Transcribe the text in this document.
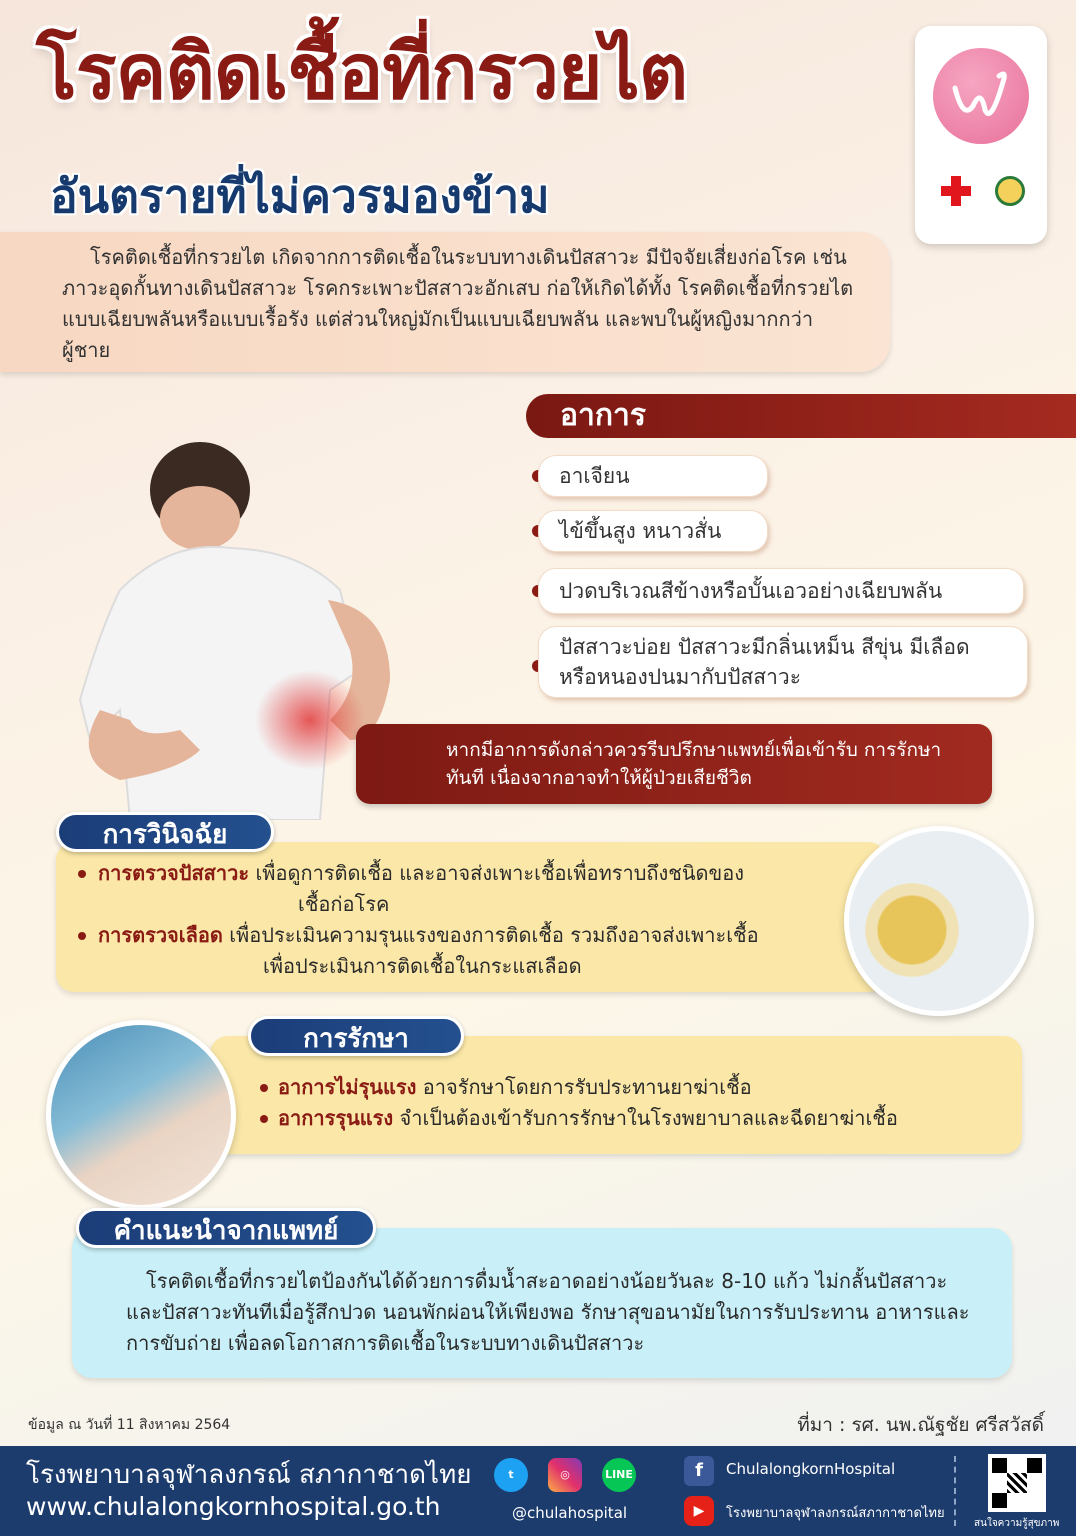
โรคติดเชื้อที่กรวยไต
อันตรายที่ไม่ควรมองข้าม

โรคติดเชื้อที่กรวยไต เกิดจากการติดเชื้อในระบบทางเดินปัสสาวะ มีปัจจัยเสี่ยงก่อโรค เช่น ภาวะอุดกั้นทางเดินปัสสาวะ โรคกระเพาะปัสสาวะอักเสบ ก่อให้เกิดได้ทั้ง โรคติดเชื้อที่กรวยไตแบบเฉียบพลันหรือแบบเรื้อรัง แต่ส่วนใหญ่มักเป็นแบบเฉียบพลัน และพบในผู้หญิงมากกว่าผู้ชาย

อาการ
อาเจียน
ไข้ขึ้นสูง หนาวสั่น
ปวดบริเวณสีข้างหรือบั้นเอวอย่างเฉียบพลัน
ปัสสาวะบ่อย ปัสสาวะมีกลิ่นเหม็น สีขุ่น มีเลือดหรือหนองปนมากับปัสสาวะ
หากมีอาการดังกล่าวควรรีบปรึกษาแพทย์เพื่อเข้ารับ การรักษาทันที เนื่องจากอาจทำให้ผู้ป่วยเสียชีวิต
การตรวจปัสสาวะ เพื่อดูการติดเชื้อ และอาจส่งเพาะเชื้อเพื่อทราบถึงชนิดของ
เชื้อก่อโรค
การตรวจเลือด เพื่อประเมินความรุนแรงของการติดเชื้อ รวมถึงอาจส่งเพาะเชื้อ
เพื่อประเมินการติดเชื้อในกระแสเลือด
การวินิจฉัย
อาการไม่รุนแรง อาจรักษาโดยการรับประทานยาฆ่าเชื้อ
อาการรุนแรง จำเป็นต้องเข้ารับการรักษาในโรงพยาบาลและฉีดยาฆ่าเชื้อ
การรักษา

โรคติดเชื้อที่กรวยไตป้องกันได้ด้วยการดื่มน้ำสะอาดอย่างน้อยวันละ 8-10 แก้ว ไม่กลั้นปัสสาวะ และปัสสาวะทันทีเมื่อรู้สึกปวด นอนพักผ่อนให้เพียงพอ รักษาสุขอนามัยในการรับประทาน อาหารและการขับถ่าย เพื่อลดโอกาสการติดเชื้อในระบบทางเดินปัสสาวะ

คำแนะนำจากแพทย์
ข้อมูล ณ วันที่ 11 สิงหาคม 2564	ที่มา : รศ. นพ.ณัฐชัย ศรีสวัสดิ์
โรงพยาบาลจุฬาลงกรณ์ สภากาชาดไทย
www.chulalongkornhospital.go.th
t	◎	LINE
@chulahospital
f	ChulalongkornHospital
▶	โรงพยาบาลจุฬาลงกรณ์สภากาชาดไทย
สนใจความรู้สุขภาพ
